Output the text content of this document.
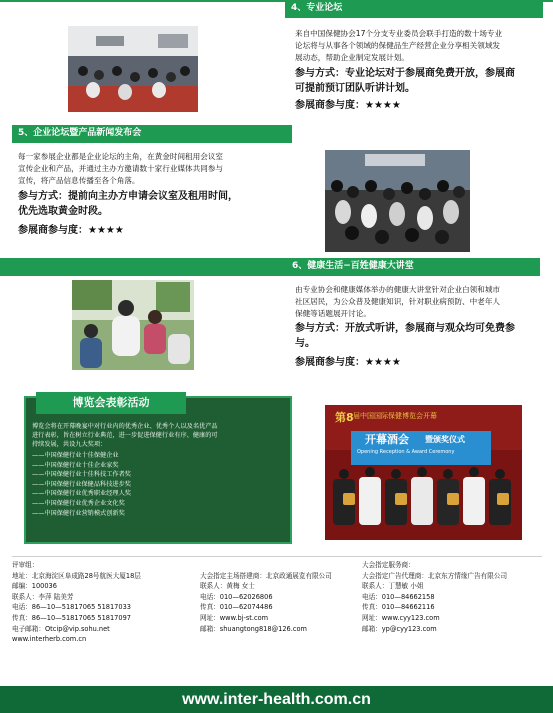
4、专业论坛
来自中国保健协会17个分支专业委员会联手打造的数十场专业
论坛将与从事各个领域的保健品生产经营企业分享相关领域发
展动态，帮助企业制定发展计划。
参与方式：专业论坛对于参展商免费开放，参展商
可提前预订团队听讲计划。
参展商参与度：★★★★
5、企业论坛暨产品新闻发布会
每一家参展企业都是企业论坛的主角，在黄金时间租用会议室
宣传企业和产品，并通过主办方邀请数十家行业媒体共同参与
宣传，将产品信息传播至各个角落。
参与方式：提前向主办方申请会议室及租用时间，
优先选取黄金时段。
参展商参与度：★★★★
6、健康生活−百姓健康大讲堂
由专业协会和健康媒体举办的健康大讲堂针对企业白领和城市
社区居民，为公众普及健康知识，针对职业病预防、中老年人
保健等话题展开讨论。
参与方式：开放式听讲，参展商与观众均可免费参
与。
参展商参与度：★★★★
博览会表彰活动
博览会将在开幕晚宴中对行业内的优秀企业、优秀个人以及名优产品
进行表彰，旨在树立行业典范，进一步促进保健行业有序、健康的可
持续发展，共设九大奖项：
——中国保健行业十佳保健企业
——中国保健行业十佳企业家奖
——中国保健行业十佳科技工作者奖
——中国保健行业保健品科技进步奖
——中国保健行业优秀职业经理人奖
——中国保健行业优秀企业文化奖
——中国保健行业营销模式创新奖
第8 届中国国际保健博览会开幕
开幕酒会 暨颁奖仪式
Opening Reception & Award Ceremony
评审组：
地址：北京海淀区阜成路28号航医大厦18层
邮编：100036
联系人：李萍 陆美芳
电话：86—10—51817065 51817033
传真：86—10—51817065 51817097
电子邮箱：Otcip@vip.sohu.net
www.interherb.com.cn
大会指定主场搭建商：北京政通展览有限公司
联系人：黄梅 女士
电话：010—62026806
传真：010—62074486
网址：www.bj-st.com
邮箱：shuangtong818@126.com
大会指定服务商：
大会指定广告代理商：北京东方情缘广告有限公司
联系人：丁慧敏 小姐
电话：010—84662158
传真：010—84662116
网址：www.cyy123.com
邮箱：yp@cyy123.com
www.inter-health.com.cn
